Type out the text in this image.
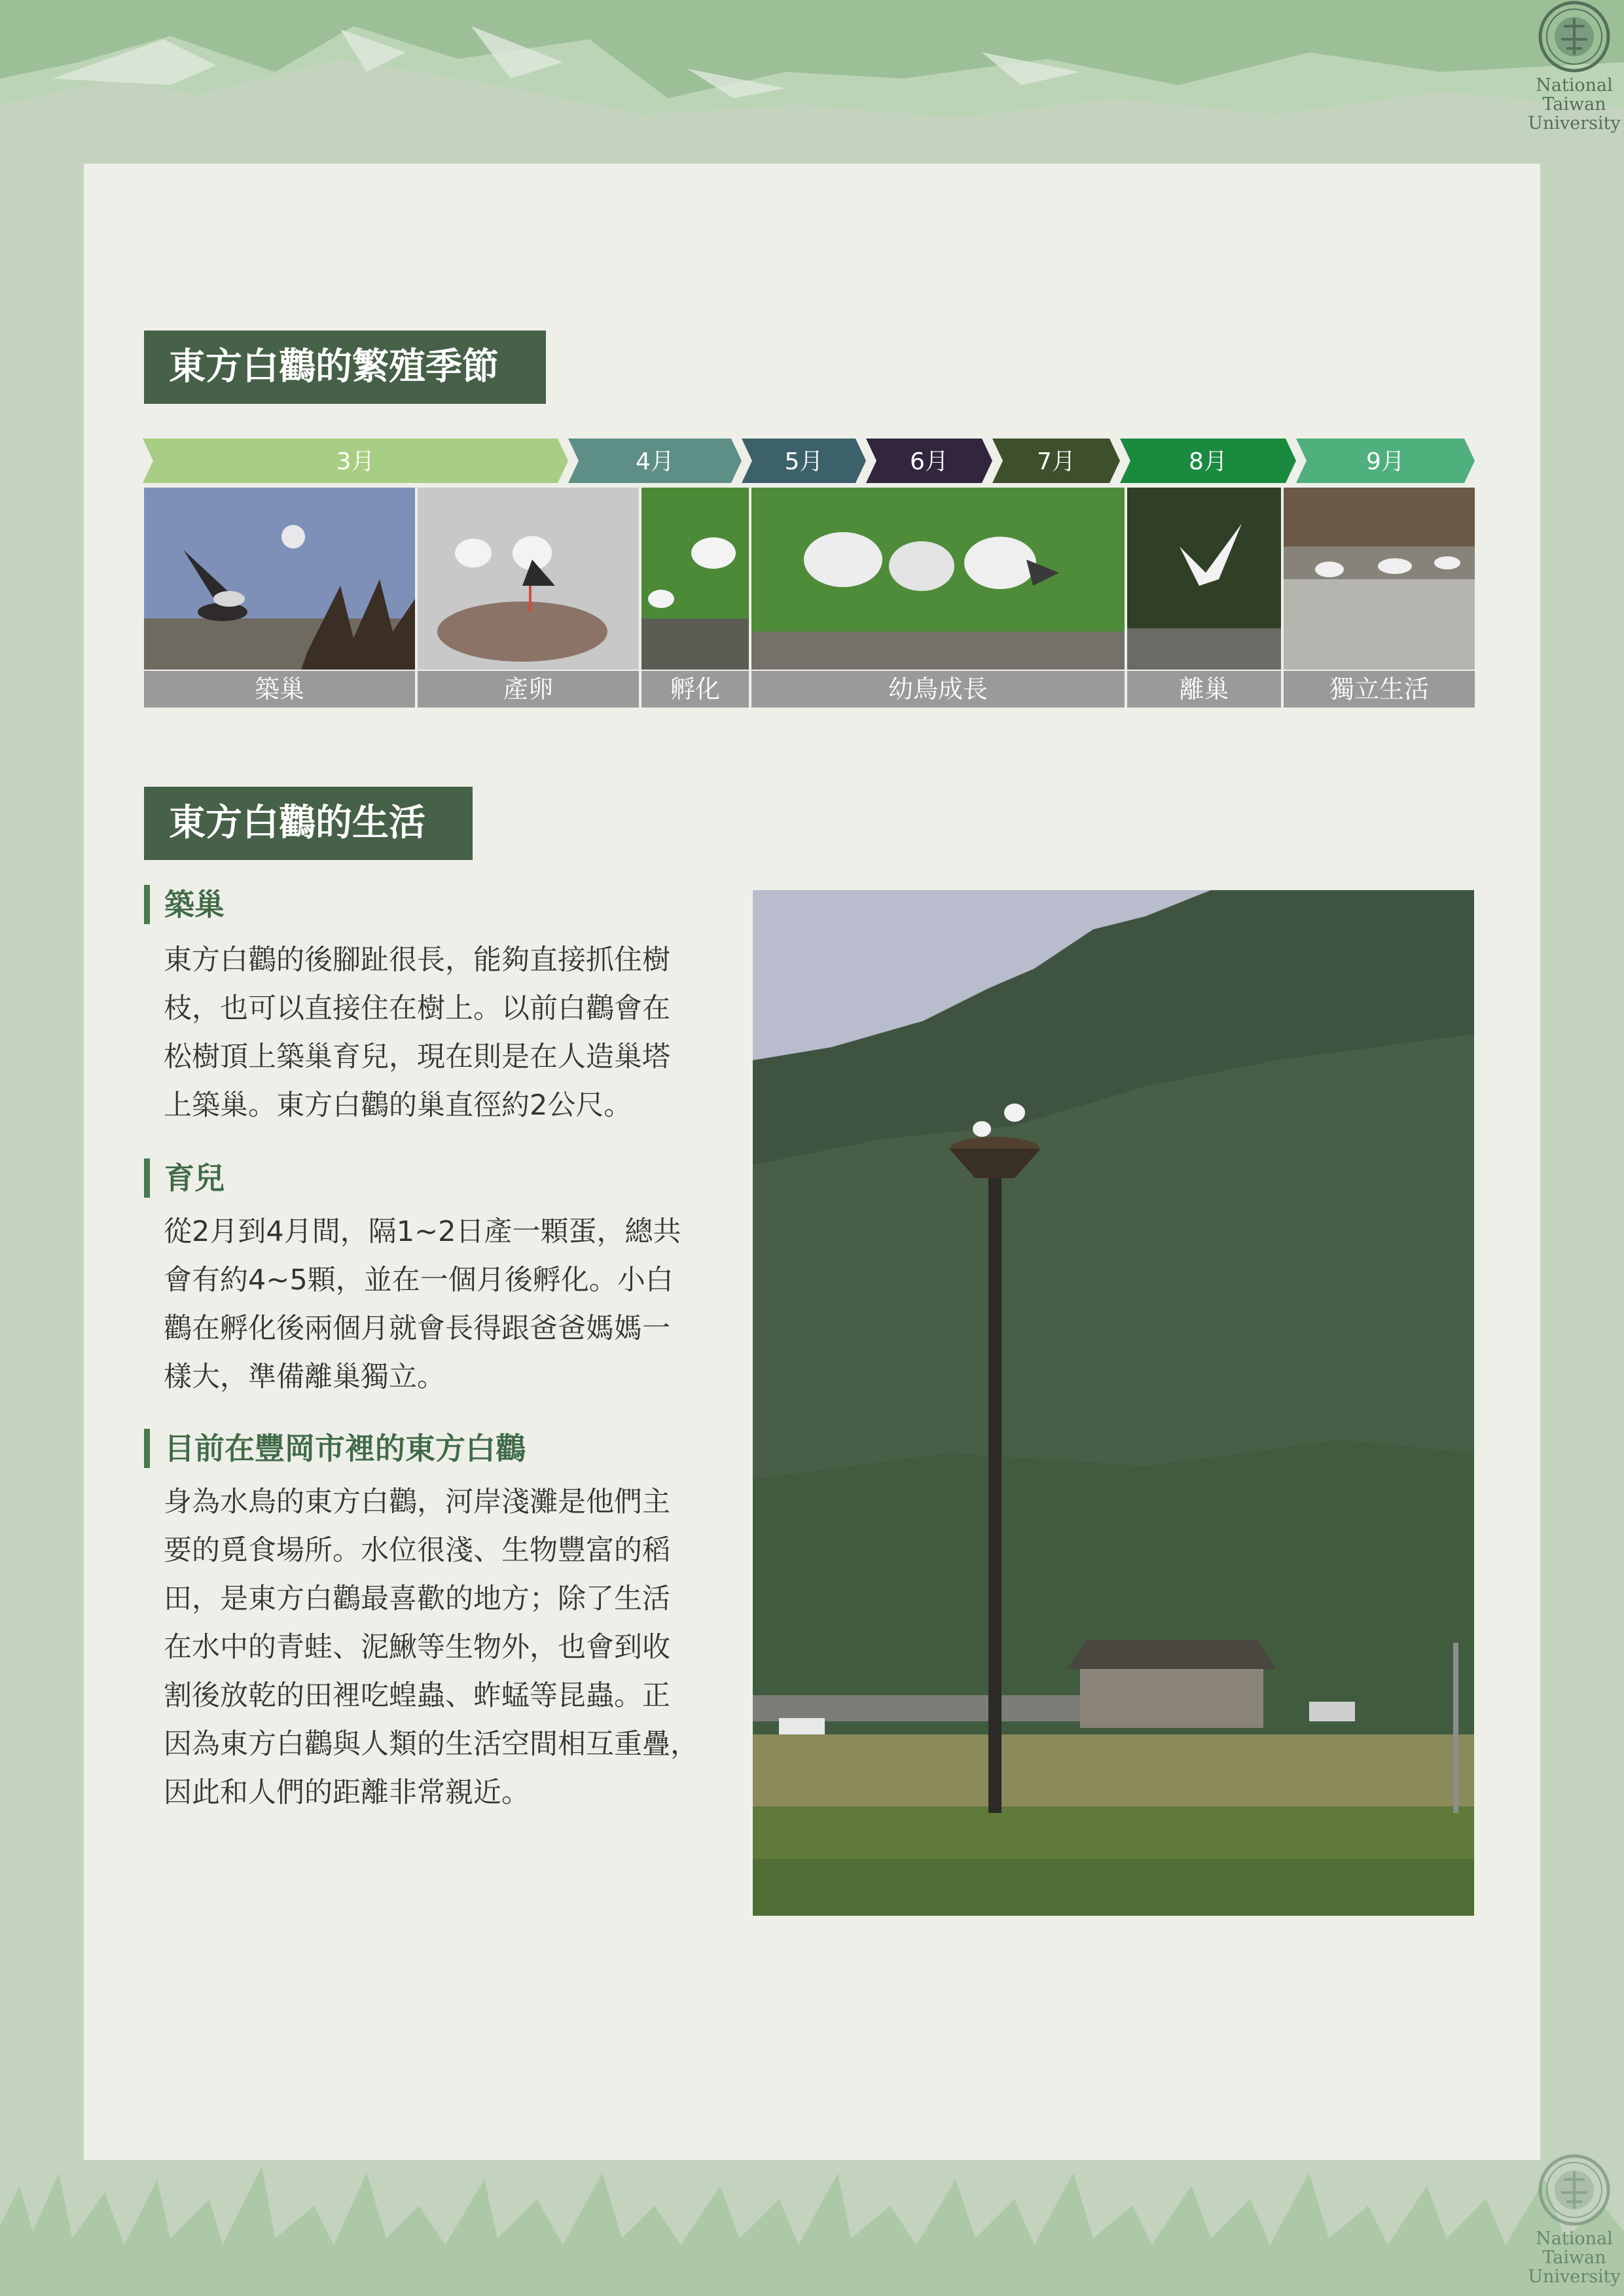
National
Taiwan
University
National
Taiwan
University
東方白鸛的繁殖季節
3月	4月	5月	6月	7月	8月	9月
築巢	產卵	孵化	幼鳥成長	離巢	獨立生活
東方白鸛的生活
築巢
東方白鸛的後腳趾很長，能夠直接抓住樹
枝，也可以直接住在樹上。以前白鸛會在
松樹頂上築巢育兒，現在則是在人造巢塔
上築巢。東方白鸛的巢直徑約2公尺。
育兒
從2月到4月間，隔1~2日產一顆蛋，總共
會有約4~5顆，並在一個月後孵化。小白
鸛在孵化後兩個月就會長得跟爸爸媽媽一
樣大，準備離巢獨立。
目前在豐岡市裡的東方白鸛
身為水鳥的東方白鸛，河岸淺灘是他們主
要的覓食場所。水位很淺、生物豐富的稻
田，是東方白鸛最喜歡的地方；除了生活
在水中的青蛙、泥鰍等生物外，也會到收
割後放乾的田裡吃蝗蟲、蚱蜢等昆蟲。正
因為東方白鸛與人類的生活空間相互重疊，
因此和人們的距離非常親近。
